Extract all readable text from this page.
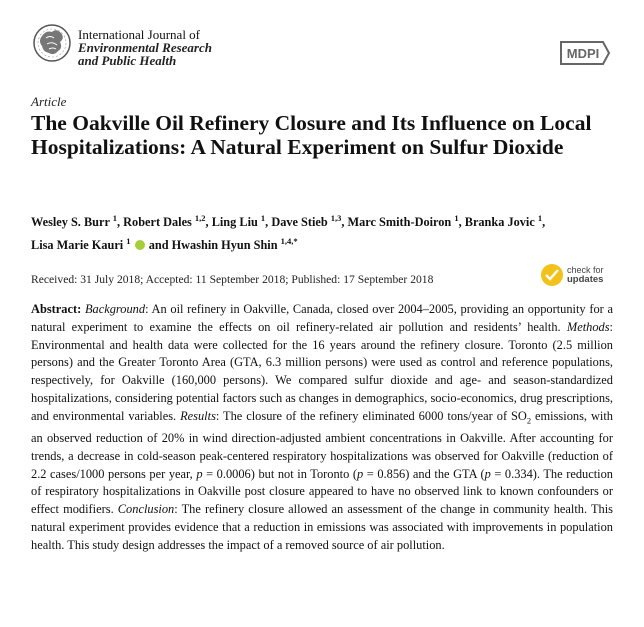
International Journal of
Environmental Research
and Public Health	MDPI
Article
The Oakville Oil Refinery Closure and Its Influence on Local Hospitalizations: A Natural Experiment on Sulfur Dioxide
Wesley S. Burr $^1$, Robert Dales $^{1,2}$, Ling Liu $^1$, Dave Stieb $^{1,3}$, Marc Smith-Doiron $^1$, Branka Jovic $^1$,
Lisa Marie Kauri $^1$ and Hwashin Hyun Shin $^{1,4,*}$
Received: 31 July 2018; Accepted: 11 September 2018; Published: 17 September 2018
check for
updates
Abstract: Background: An oil refinery in Oakville, Canada, closed over 2004–2005, providing an opportunity for a natural experiment to examine the effects on oil refinery-related air pollution and residents’ health. Methods: Environmental and health data were collected for the 16 years around the refinery closure. Toronto (2.5 million persons) and the Greater Toronto Area (GTA, 6.3 million persons) were used as control and reference populations, respectively, for Oakville (160,000 persons). We compared sulfur dioxide and age- and season-standardized hospitalizations, considering potential factors such as changes in demographics, socio-economics, drug prescriptions, and environmental variables. Results: The closure of the refinery eliminated 6000 tons/year of $SO_2$ emissions, with an observed reduction of 20% in wind direction-adjusted ambient concentrations in Oakville. After accounting for trends, a decrease in cold-season peak-centered respiratory hospitalizations was observed for Oakville (reduction of 2.2 cases/1000 persons per year, p = 0.0006) but not in Toronto (p = 0.856) and the GTA (p = 0.334). The reduction of respiratory hospitalizations in Oakville post closure appeared to have no observed link to known confounders or effect modifiers. Conclusion: The refinery closure allowed an assessment of the change in community health. This natural experiment provides evidence that a reduction in emissions was associated with improvements in population health. This study design addresses the impact of a removed source of air pollution.
